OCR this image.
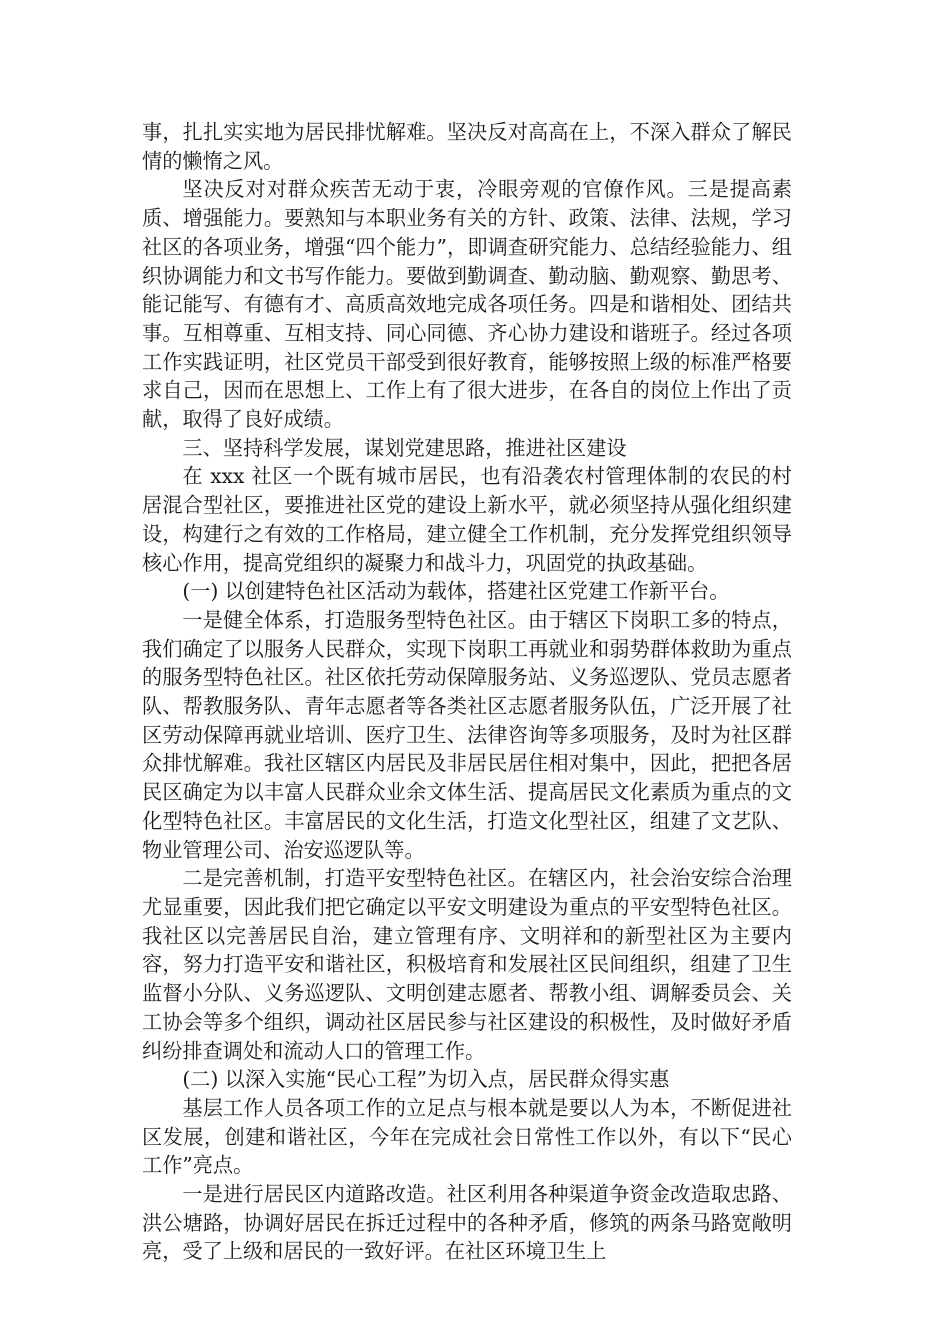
事，扎扎实实地为居民排忧解难。坚决反对高高在上，不深入群众了解民情的懒惰之风。

坚决反对对群众疾苦无动于衷，冷眼旁观的官僚作风。三是提高素质、增强能力。要熟知与本职业务有关的方针、政策、法律、法规，学习社区的各项业务，增强“四个能力”，即调查研究能力、总结经验能力、组织协调能力和文书写作能力。要做到勤调查、勤动脑、勤观察、勤思考、能记能写、有德有才、高质高效地完成各项任务。四是和谐相处、团结共事。互相尊重、互相支持、同心同德、齐心协力建设和谐班子。经过各项工作实践证明，社区党员干部受到很好教育，能够按照上级的标准严格要求自己，因而在思想上、工作上有了很大进步，在各自的岗位上作出了贡献，取得了良好成绩。

三、坚持科学发展，谋划党建思路，推进社区建设

在 xxx 社区一个既有城市居民，也有沿袭农村管理体制的农民的村居混合型社区，要推进社区党的建设上新水平，就必须坚持从强化组织建设，构建行之有效的工作格局，建立健全工作机制，充分发挥党组织领导核心作用，提高党组织的凝聚力和战斗力，巩固党的执政基础。

(一) 以创建特色社区活动为载体，搭建社区党建工作新平台。

一是健全体系，打造服务型特色社区。由于辖区下岗职工多的特点，我们确定了以服务人民群众，实现下岗职工再就业和弱势群体救助为重点的服务型特色社区。社区依托劳动保障服务站、义务巡逻队、党员志愿者队、帮教服务队、青年志愿者等各类社区志愿者服务队伍，广泛开展了社区劳动保障再就业培训、医疗卫生、法律咨询等多项服务，及时为社区群众排忧解难。我社区辖区内居民及非居民居住相对集中，因此，把把各居民区确定为以丰富人民群众业余文体生活、提高居民文化素质为重点的文化型特色社区。丰富居民的文化生活，打造文化型社区，组建了文艺队、物业管理公司、治安巡逻队等。

二是完善机制，打造平安型特色社区。在辖区内，社会治安综合治理尤显重要，因此我们把它确定以平安文明建设为重点的平安型特色社区。我社区以完善居民自治，建立管理有序、文明祥和的新型社区为主要内容，努力打造平安和谐社区，积极培育和发展社区民间组织，组建了卫生监督小分队、义务巡逻队、文明创建志愿者、帮教小组、调解委员会、关工协会等多个组织，调动社区居民参与社区建设的积极性，及时做好矛盾纠纷排查调处和流动人口的管理工作。

(二) 以深入实施“民心工程”为切入点，居民群众得实惠

基层工作人员各项工作的立足点与根本就是要以人为本，不断促进社区发展，创建和谐社区，今年在完成社会日常性工作以外，有以下“民心工作”亮点。

一是进行居民区内道路改造。社区利用各种渠道争资金改造取忠路、洪公塘路，协调好居民在拆迁过程中的各种矛盾，修筑的两条马路宽敞明亮，受了上级和居民的一致好评。在社区环境卫生上
